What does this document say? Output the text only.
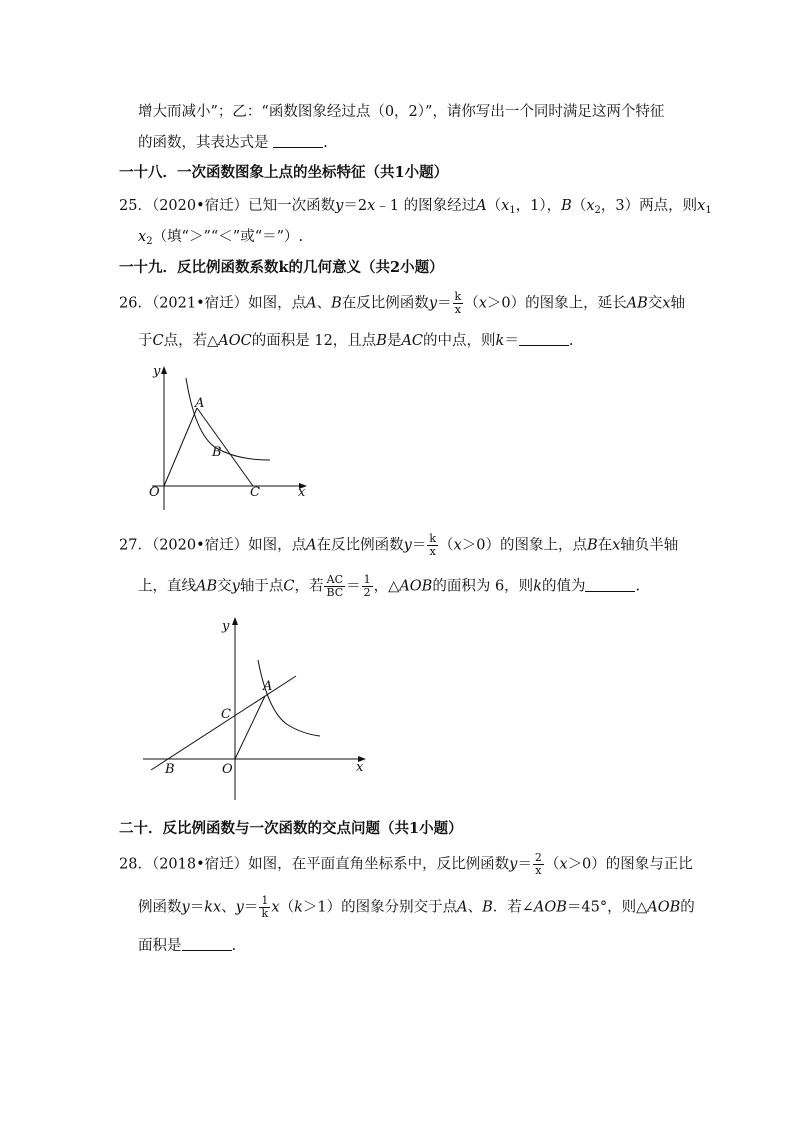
增大而减小”；乙：“函数图象经过点（0，2）”，请你写出一个同时满足这两个特征
的函数，其表达式是	.
一十八．一次函数图象上点的坐标特征（共1小题）
25．（2020•宿迁）已知一次函数y＝2x﹣1 的图象经过$A(x_1$，1），$B(x_2$，3）两点，则$x_1$
$x_2$（填“＞”“＜”或“＝”）.
一十九．反比例函数系数k的几何意义（共2小题）
26．（2021•宿迁）如图，点A、B在反比例函数$y= \frac{k}{x} (x>0)$的图象上，延长AB交x轴
于C点，若△AOC的面积是 12，且点B是AC的中点，则k＝	.
y
x
O
A
B
C
27．（2020•宿迁）如图，点A在反比例函数$y= \frac{k}{x} (x>0)$的图象上，点B在x轴负半轴
上，直线AB交y轴于点C，若 $\frac{AC}{BC} = \frac{1}{2}$ ，△AOB的面积为 6，则k的值为	.
y
x
O
A
B
C
二十．反比例函数与一次函数的交点问题（共1小题）
28．（2018•宿迁）如图，在平面直角坐标系中，反比例函数$y= \frac{2}{x} (x>0)$的图象与正比
例函数y＝kx、$y= \frac{1}{k} x(k>1)$的图象分别交于点A、B．若∠AOB＝45°，则△AOB的
面积是	.
